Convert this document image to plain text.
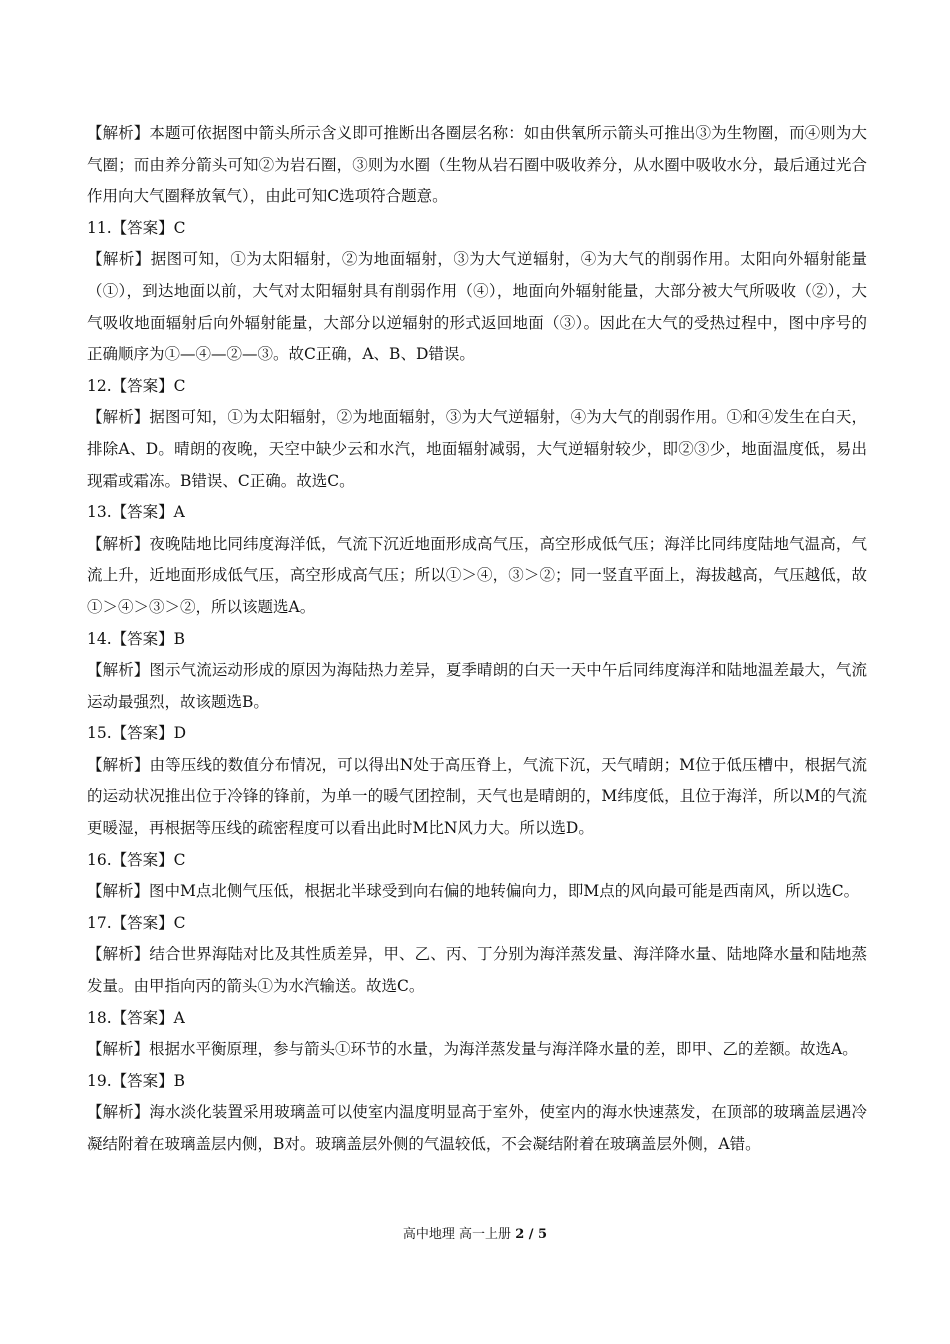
【解析】本题可依据图中箭头所示含义即可推断出各圈层名称：如由供氧所示箭头可推出③为生物圈，而④则为大气圈；而由养分箭头可知②为岩石圈，③则为水圈（生物从岩石圈中吸收养分，从水圈中吸收水分，最后通过光合作用向大气圈释放氧气），由此可知C选项符合题意。
11.【答案】C
【解析】据图可知，①为太阳辐射，②为地面辐射，③为大气逆辐射，④为大气的削弱作用。太阳向外辐射能量（①），到达地面以前，大气对太阳辐射具有削弱作用（④），地面向外辐射能量，大部分被大气所吸收（②），大气吸收地面辐射后向外辐射能量，大部分以逆辐射的形式返回地面（③）。因此在大气的受热过程中，图中序号的正确顺序为①—④—②—③。故C正确，A、B、D错误。
12.【答案】C
【解析】据图可知，①为太阳辐射，②为地面辐射，③为大气逆辐射，④为大气的削弱作用。①和④发生在白天，排除A、D。晴朗的夜晚，天空中缺少云和水汽，地面辐射减弱，大气逆辐射较少，即②③少，地面温度低，易出现霜或霜冻。B错误、C正确。故选C。
13.【答案】A
【解析】夜晚陆地比同纬度海洋低，气流下沉近地面形成高气压，高空形成低气压；海洋比同纬度陆地气温高，气流上升，近地面形成低气压，高空形成高气压；所以①＞④，③＞②；同一竖直平面上，海拔越高，气压越低，故①＞④＞③＞②，所以该题选A。
14.【答案】B
【解析】图示气流运动形成的原因为海陆热力差异，夏季晴朗的白天一天中午后同纬度海洋和陆地温差最大，气流运动最强烈，故该题选B。
15.【答案】D
【解析】由等压线的数值分布情况，可以得出N处于高压脊上，气流下沉，天气晴朗；M位于低压槽中，根据气流的运动状况推出位于冷锋的锋前，为单一的暖气团控制，天气也是晴朗的，M纬度低，且位于海洋，所以M的气流更暖湿，再根据等压线的疏密程度可以看出此时M比N风力大。所以选D。
16.【答案】C
【解析】图中M点北侧气压低，根据北半球受到向右偏的地转偏向力，即M点的风向最可能是西南风，所以选C。
17.【答案】C
【解析】结合世界海陆对比及其性质差异，甲、乙、丙、丁分别为海洋蒸发量、海洋降水量、陆地降水量和陆地蒸发量。由甲指向丙的箭头①为水汽输送。故选C。
18.【答案】A
【解析】根据水平衡原理，参与箭头①环节的水量，为海洋蒸发量与海洋降水量的差，即甲、乙的差额。故选A。
19.【答案】B
【解析】海水淡化装置采用玻璃盖可以使室内温度明显高于室外，使室内的海水快速蒸发，在顶部的玻璃盖层遇冷凝结附着在玻璃盖层内侧，B对。玻璃盖层外侧的气温较低，不会凝结附着在玻璃盖层外侧，A错。
高中地理 高一上册 2 / 5
